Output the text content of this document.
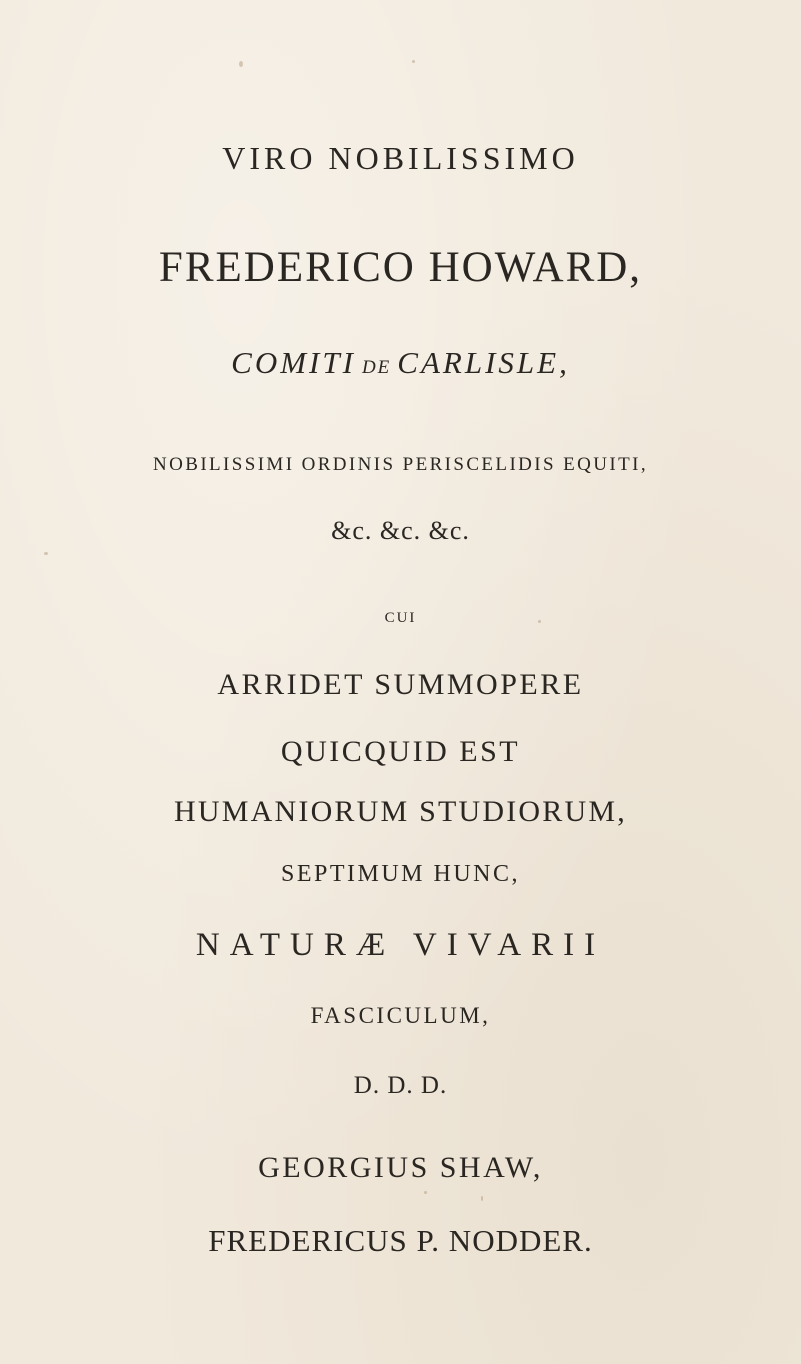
VIRO NOBILISSIMO
FREDERICO HOWARD,
COMITI DE CARLISLE,
NOBILISSIMI ORDINIS PERISCELIDIS EQUITI,
&c. &c. &c.
CUI
ARRIDET SUMMOPERE
QUICQUID EST
HUMANIORUM STUDIORUM,
SEPTIMUM HUNC,
NATURÆ VIVARII
FASCICULUM,
D. D. D.
GEORGIUS SHAW,
FREDERICUS P. NODDER.
